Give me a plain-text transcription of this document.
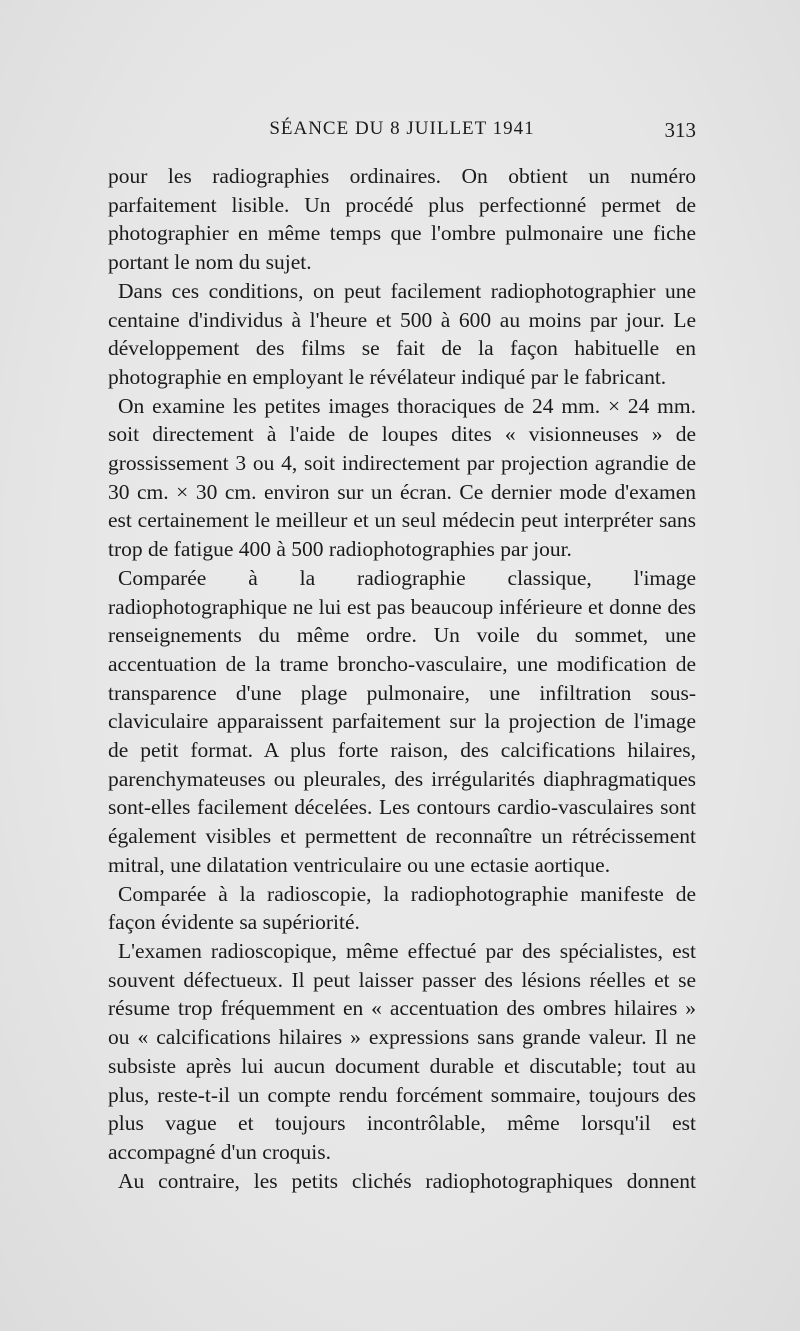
SÉANCE DU 8 JUILLET 1941	313

pour les radiographies ordinaires. On obtient un numéro parfaitement lisible. Un procédé plus perfectionné permet de photographier en même temps que l'ombre pulmonaire une fiche portant le nom du sujet.

Dans ces conditions, on peut facilement radiophotographier une centaine d'individus à l'heure et 500 à 600 au moins par jour. Le développement des films se fait de la façon habituelle en photographie en employant le révélateur indiqué par le fabricant.

On examine les petites images thoraciques de 24 mm. × 24 mm. soit directement à l'aide de loupes dites « visionneuses » de grossissement 3 ou 4, soit indirectement par projection agrandie de 30 cm. × 30 cm. environ sur un écran. Ce dernier mode d'examen est certainement le meilleur et un seul médecin peut interpréter sans trop de fatigue 400 à 500 radiophotographies par jour.

Comparée à la radiographie classique, l'image radiophotographique ne lui est pas beaucoup inférieure et donne des renseignements du même ordre. Un voile du sommet, une accentuation de la trame broncho-vasculaire, une modification de transparence d'une plage pulmonaire, une infiltration sous-claviculaire apparaissent parfaitement sur la projection de l'image de petit format. A plus forte raison, des calcifications hilaires, parenchymateuses ou pleurales, des irrégularités diaphragmatiques sont-elles facilement décelées. Les contours cardio-vasculaires sont également visibles et permettent de reconnaître un rétrécissement mitral, une dilatation ventriculaire ou une ectasie aortique.

Comparée à la radioscopie, la radiophotographie manifeste de façon évidente sa supériorité.

L'examen radioscopique, même effectué par des spécialistes, est souvent défectueux. Il peut laisser passer des lésions réelles et se résume trop fréquemment en « accentuation des ombres hilaires » ou « calcifications hilaires » expressions sans grande valeur. Il ne subsiste après lui aucun document durable et discutable; tout au plus, reste-t-il un compte rendu forcément sommaire, toujours des plus vague et toujours incontrôlable, même lorsqu'il est accompagné d'un croquis.

Au contraire, les petits clichés radiophotographiques donnent
